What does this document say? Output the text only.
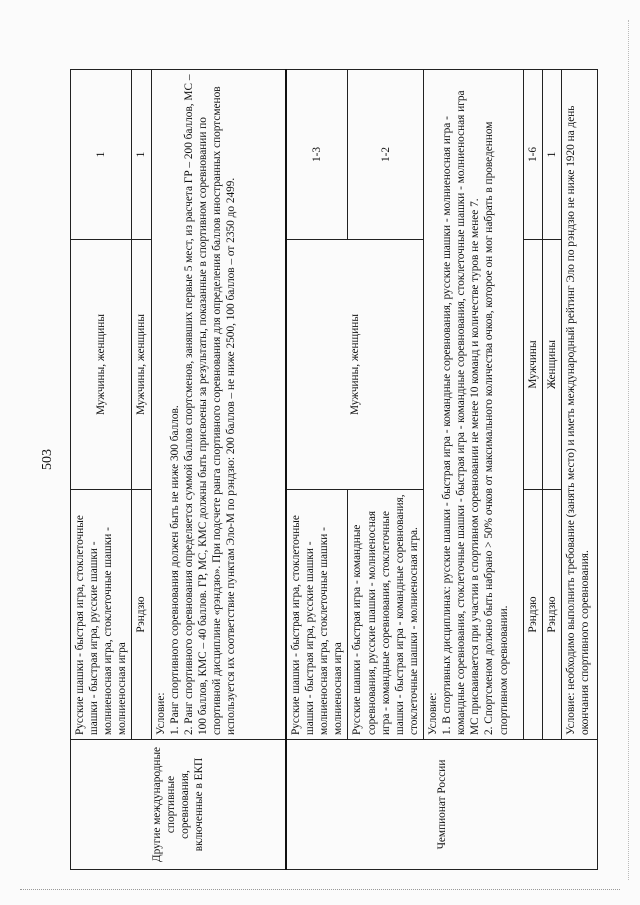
503
Другие международные спортивные соревнования, включенные в ЕКП	Русские шашки - быстрая игра, стоклеточные шашки - быстрая игра, русские шашки - молниеносная игра, стоклеточные шашки - молниеносная игра	Мужчины, женщины	1
	Рэндзю	Мужчины, женщины	1

	Условие: 1. Ранг спортивного соревнования должен быть не ниже 300 баллов. 2. Ранг спортивного соревнования определяется суммой баллов спортсменов, занявших первые 5 мест, из расчета ГР – 200 баллов, МС – 100 баллов, КМС – 40 баллов. ГР, МС, КМС должны быть присвоены за результаты, показанные в спортивном соревновании по спортивной дисциплине «рэндзю». При подсчете ранга спортивного соревнования для определения баллов иностранных спортсменов используется их соответствие пунктам Эло-М по рэндзю: 200 баллов – не ниже 2500, 100 баллов – от 2350 до 2499.		

Чемпионат России	Русские шашки - быстрая игра, стоклеточные шашки - быстрая игра, русские шашки - молниеносная игра, стоклеточные шашки - молниеносная игра	Мужчины, женщины	1-3
	Русские шашки - быстрая игра - командные соревнования, русские шашки - молниеносная игра - командные соревнования, стоклеточные шашки - быстрая игра - командные соревнования, стоклеточные шашки - молниеносная игра.		1-2

	Условие: 1. В спортивных дисциплинах: русские шашки - быстрая игра - командные соревнования, русские шашки - молниеносная игра - командные соревнования, стоклеточные шашки - быстрая игра - командные соревнования, стоклеточные шашки - молниеносная игра МС присваивается при участии в спортивном соревновании не менее 10 команд и количестве туров не менее 7. 2. Спортсменом должно быть набрано > 50% очков от максимального количества очков, которое он мог набрать в проведенном спортивном соревновании.		

	Рэндзю	Мужчины	1-6
	Рэндзю	Женщины	1

	Условие: необходимо выполнить требование (занять место) и иметь международный рейтинг Эло по рэндзю не ниже 1920 на день окончания спортивного соревнования.		
